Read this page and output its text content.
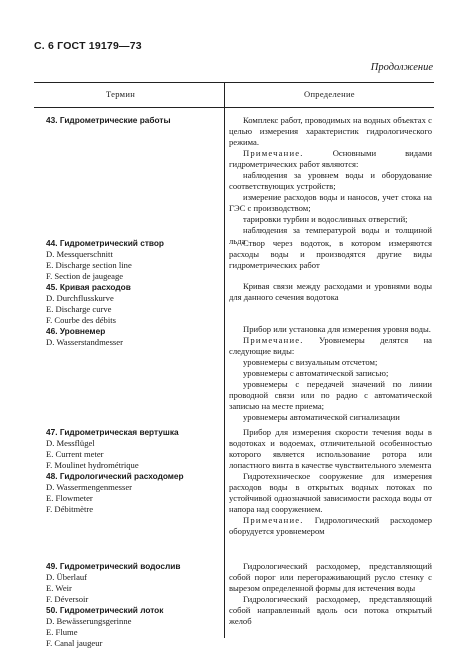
С. 6 ГОСТ 19179—73
Продолжение
Термин	Определение
43. Гидрометрические работы
44. Гидрометрический створ
D. Messquerschnitt
E. Discharge section line
F. Section de jaugeage
45. Кривая расходов
D. Durchflusskurve
E. Discharge curve
F. Courbe des débits
46. Уровнемер
D. Wasserstandmesser
47. Гидрометрическая вертушка
D. Messflügel
E. Current meter
F. Moulinet hydrométrique
48. Гидрологический расходомер
D. Wassermengenmesser
E. Flowmeter
F. Débitmètre
49. Гидрометрический водослив
D. Überlauf
E. Weir
F. Déversoir
50. Гидрометрический лоток
D. Bewässerungsgerinne
E. Flume
F. Canal jaugeur

Комплекс работ, проводимых на водных объектах с целью измерения характеристик гидрологического режима.

Примечание. Основными видами гидрометрических работ являются:

наблюдения за уровнем воды и оборудование соответствующих устройств;

измерение расходов воды и наносов, учет стока на ГЭС с производством;

тарировки турбин и водосливных отверстий;

наблюдения за температурой воды и толщиной льда

Створ через водоток, в котором измеряются расходы воды и производятся другие виды гидрометрических работ

Кривая связи между расходами и уровнями воды для данного сечения водотока

Прибор или установка для измерения уровня воды.

Примечание. Уровнемеры делятся на следующие виды:

уровнемеры с визуальным отсчетом;

уровнемеры с автоматической записью;

уровнемеры с передачей значений по линии проводной связи или по радио с автоматической записью на месте приема;

уровнемеры автоматической сигнализации

Прибор для измерения скорости течения воды в водотоках и водоемах, отличительной особенностью которого является использование ротора или лопастного винта в качестве чувствительного элемента

Гидротехническое сооружение для измерения расходов воды в открытых водных потоках по устойчивой однозначной зависимости расхода воды от напора над сооружением.

Примечание. Гидрологический расходомер оборудуется уровнемером

Гидрологический расходомер, представляющий собой порог или перегораживающий русло стенку с вырезом определенной формы для истечения воды

Гидрологический расходомер, представляющий собой направленный вдоль оси потока открытый желоб
